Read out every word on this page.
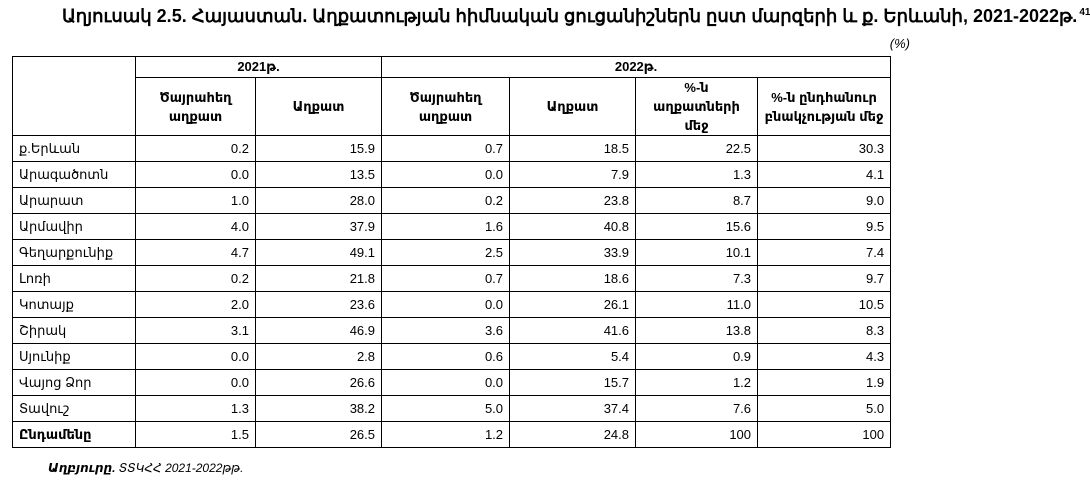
Աղյուսակ 2.5. Հայաստան. Աղքատության հիմնական ցուցանիշներն ըստ մարզերի և ք. Երևանի, 2021-2022թ. $^{41}$
(%)
	2021թ.		2022թ.			
	Ծայրահեղ աղքատ	Աղքատ	Ծայրահեղ աղքատ	Աղքատ	%-ն աղքատների մեջ	%-ն ընդհանուր բնակչության մեջ
ք.Երևան	0.2	15.9	0.7	18.5	22.5	30.3
Արագածոտն	0.0	13.5	0.0	7.9	1.3	4.1
Արարատ	1.0	28.0	0.2	23.8	8.7	9.0
Արմավիր	4.0	37.9	1.6	40.8	15.6	9.5
Գեղարքունիք	4.7	49.1	2.5	33.9	10.1	7.4
Լոռի	0.2	21.8	0.7	18.6	7.3	9.7
Կոտայք	2.0	23.6	0.0	26.1	11.0	10.5
Շիրակ	3.1	46.9	3.6	41.6	13.8	8.3
Սյունիք	0.0	2.8	0.6	5.4	0.9	4.3
Վայոց Ձոր	0.0	26.6	0.0	15.7	1.2	1.9
Տավուշ	1.3	38.2	5.0	37.4	7.6	5.0
Ընդամենը	1.5	26.5	1.2	24.8	100	100
Աղբյուրը. ՏՏԿՀՀ 2021-2022թթ.
